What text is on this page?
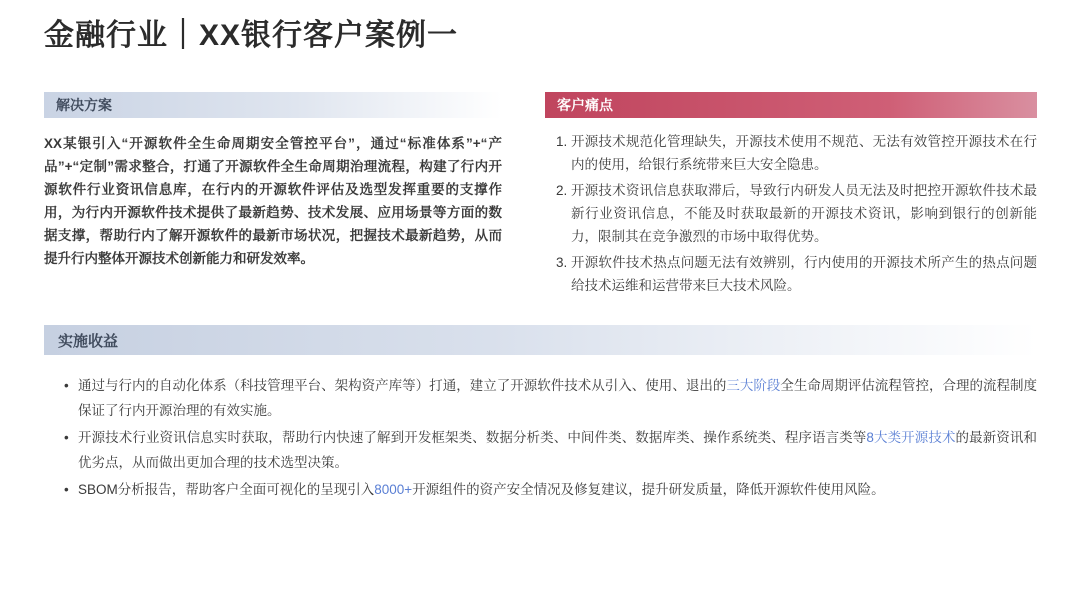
金融行业｜XX银行客户案例一
解决方案
XX某银引入“开源软件全生命周期安全管控平台”，通过“标准体系”+“产品”+“定制”需求整合，打通了开源软件全生命周期治理流程，构建了行内开源软件行业资讯信息库，在行内的开源软件评估及选型发挥重要的支撑作用，为行内开源软件技术提供了最新趋势、技术发展、应用场景等方面的数据支撑，帮助行内了解开源软件的最新市场状况，把握技术最新趋势，从而提升行内整体开源技术创新能力和研发效率。
客户痛点
1. 开源技术规范化管理缺失，开源技术使用不规范、无法有效管控开源技术在行内的使用，给银行系统带来巨大安全隐患。
2. 开源技术资讯信息获取滞后，导致行内研发人员无法及时把控开源软件技术最新行业资讯信息，不能及时获取最新的开源技术资讯，影响到银行的创新能力，限制其在竞争激烈的市场中取得优势。
3. 开源软件技术热点问题无法有效辨别，行内使用的开源技术所产生的热点问题给技术运维和运营带来巨大技术风险。
实施收益
• 通过与行内的自动化体系（科技管理平台、架构资产库等）打通，建立了开源软件技术从引入、使用、退出的三大阶段全生命周期评估流程管控，合理的流程制度保证了行内开源治理的有效实施。
• 开源技术行业资讯信息实时获取，帮助行内快速了解到开发框架类、数据分析类、中间件类、数据库类、操作系统类、程序语言类等8大类开源技术的最新资讯和优劣点，从而做出更加合理的技术选型决策。
• SBOM分析报告，帮助客户全面可视化的呈现引入8000+开源组件的资产安全情况及修复建议，提升研发质量，降低开源软件使用风险。
